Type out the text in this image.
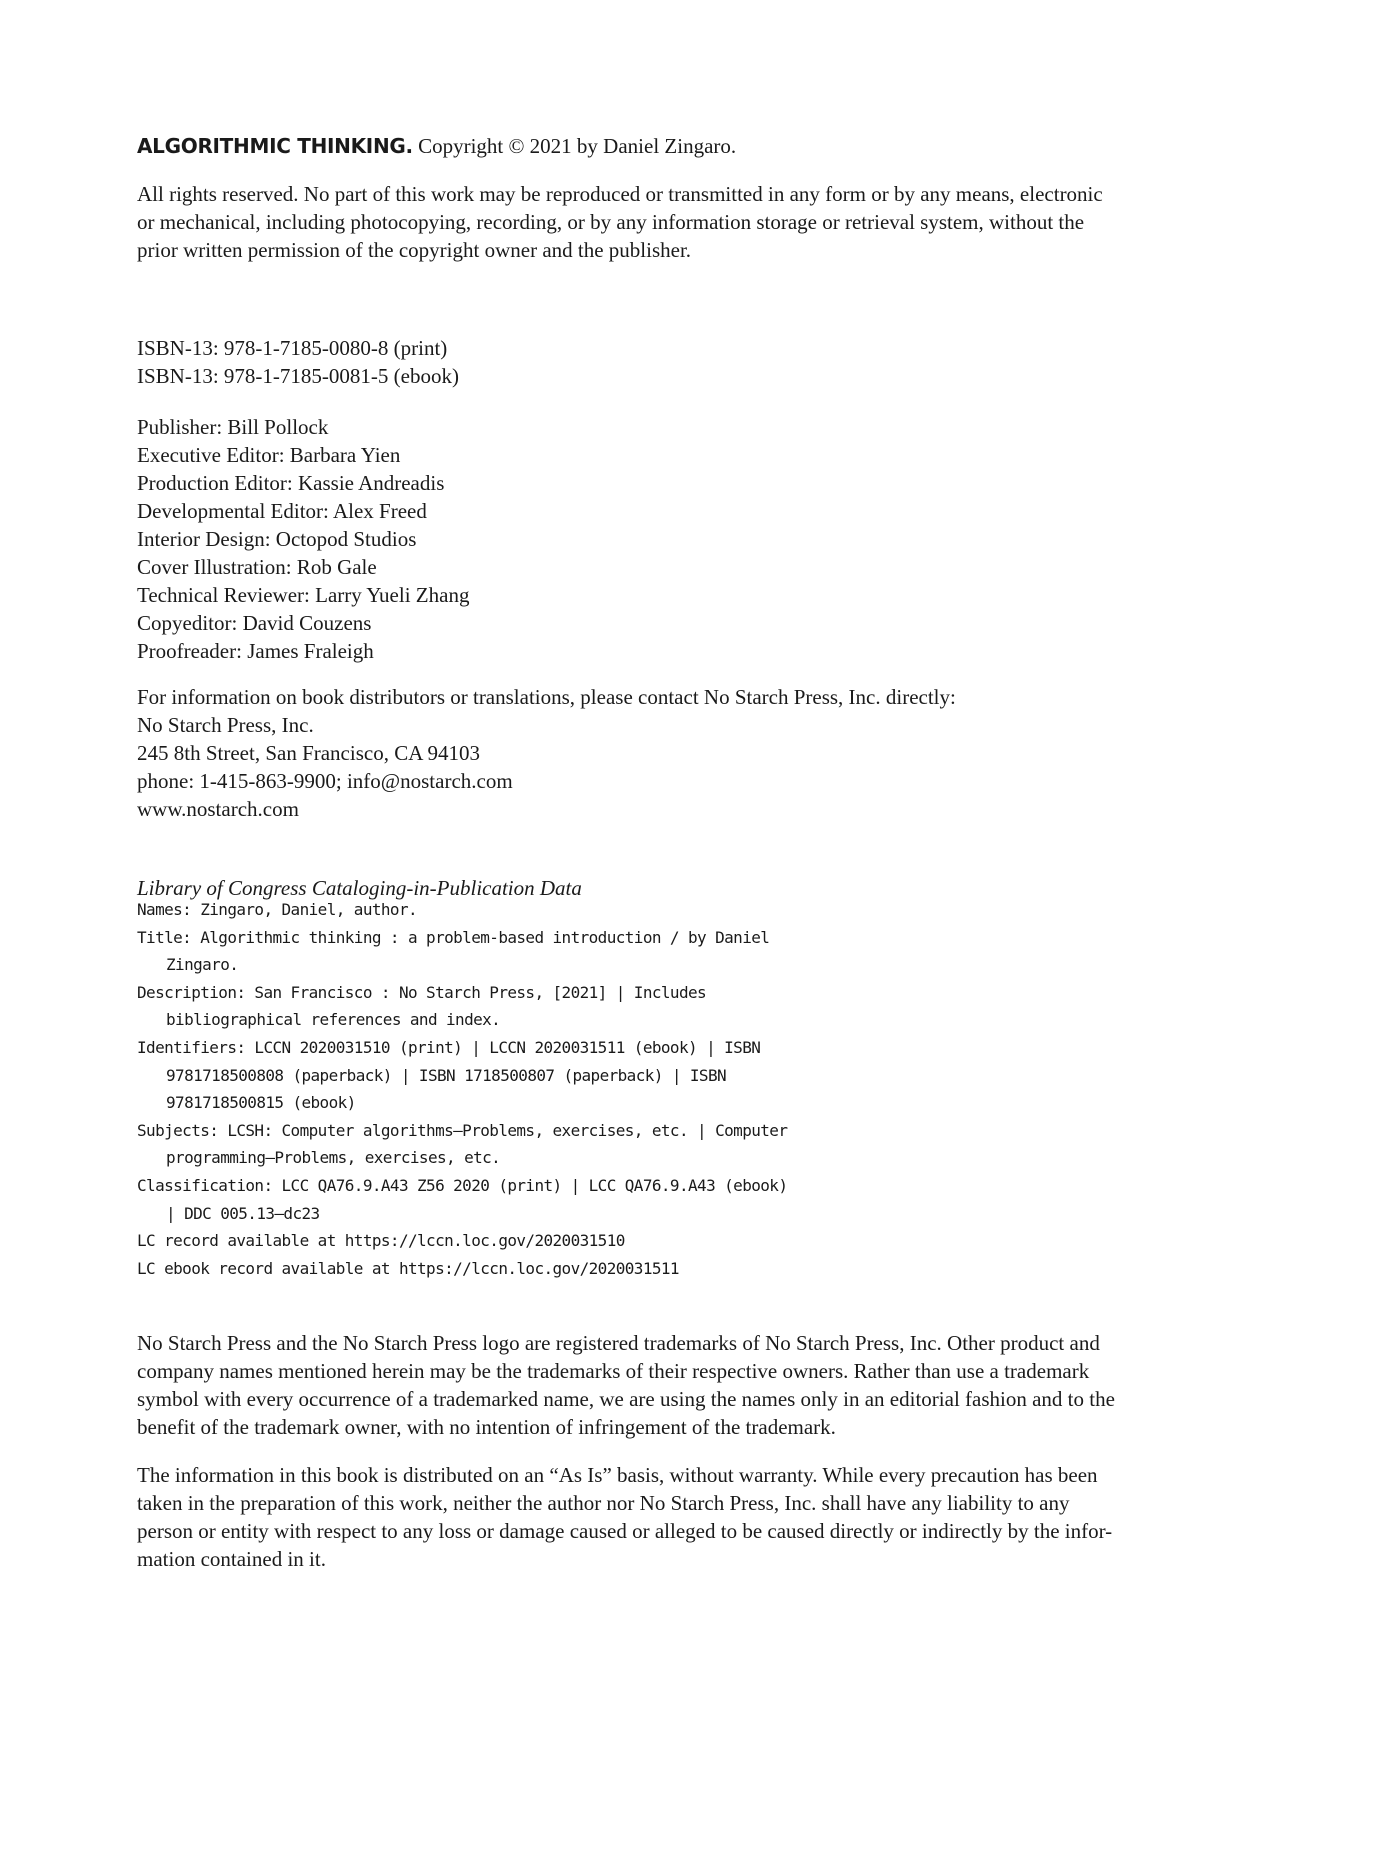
ALGORITHMIC THINKING. Copyright © 2021 by Daniel Zingaro.

All rights reserved. No part of this work may be reproduced or transmitted in any form or by any means, electronic
or mechanical, including photocopying, recording, or by any information storage or retrieval system, without the
prior written permission of the copyright owner and the publisher.

ISBN-13: 978-1-7185-0080-8 (print)
ISBN-13: 978-1-7185-0081-5 (ebook)

Publisher: Bill Pollock
Executive Editor: Barbara Yien
Production Editor: Kassie Andreadis
Developmental Editor: Alex Freed
Interior Design: Octopod Studios
Cover Illustration: Rob Gale
Technical Reviewer: Larry Yueli Zhang
Copyeditor: David Couzens
Proofreader: James Fraleigh

For information on book distributors or translations, please contact No Starch Press, Inc. directly:
No Starch Press, Inc.
245 8th Street, San Francisco, CA 94103
phone: 1-415-863-9900; info@nostarch.com
www.nostarch.com

Library of Congress Cataloging-in-Publication Data
Names: Zingaro, Daniel, author.
Title: Algorithmic thinking : a problem-based introduction / by Daniel
Zingaro.
Description: San Francisco : No Starch Press, [2021] | Includes
bibliographical references and index.
Identifiers: LCCN 2020031510 (print) | LCCN 2020031511 (ebook) | ISBN
9781718500808 (paperback) | ISBN 1718500807 (paperback) | ISBN
9781718500815 (ebook)
Subjects: LCSH: Computer algorithms–Problems, exercises, etc. | Computer
programming–Problems, exercises, etc.
Classification: LCC QA76.9.A43 Z56 2020 (print) | LCC QA76.9.A43 (ebook)
| DDC 005.13–dc23
LC record available at https://lccn.loc.gov/2020031510
LC ebook record available at https://lccn.loc.gov/2020031511

No Starch Press and the No Starch Press logo are registered trademarks of No Starch Press, Inc. Other product and
company names mentioned herein may be the trademarks of their respective owners. Rather than use a trademark
symbol with every occurrence of a trademarked name, we are using the names only in an editorial fashion and to the
benefit of the trademark owner, with no intention of infringement of the trademark.

The information in this book is distributed on an “As Is” basis, without warranty. While every precaution has been
taken in the preparation of this work, neither the author nor No Starch Press, Inc. shall have any liability to any
person or entity with respect to any loss or damage caused or alleged to be caused directly or indirectly by the infor-
mation contained in it.
